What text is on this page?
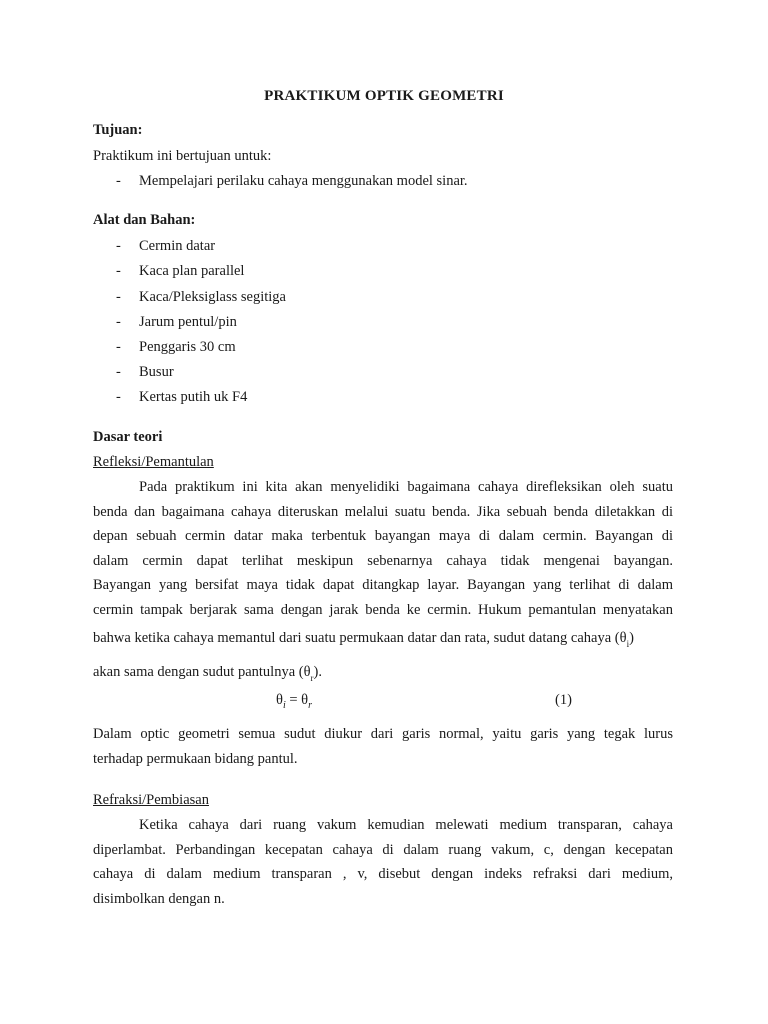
PRAKTIKUM OPTIK GEOMETRI
Tujuan:
Praktikum ini bertujuan untuk:
- Mempelajari perilaku cahaya menggunakan model sinar.
Alat dan Bahan:
- Cermin datar
- Kaca plan parallel
- Kaca/Pleksiglass segitiga
- Jarum pentul/pin
- Penggaris 30 cm
- Busur
- Kertas putih uk F4
Dasar teori
Refleksi/Pemantulan
Pada praktikum ini kita akan menyelidiki bagaimana cahaya direfleksikan oleh suatu
benda dan bagaimana cahaya diteruskan melalui suatu benda. Jika sebuah benda diletakkan di
depan sebuah cermin datar maka terbentuk bayangan maya di dalam cermin. Bayangan di
dalam cermin dapat terlihat meskipun sebenarnya cahaya tidak mengenai bayangan.
Bayangan yang bersifat maya tidak dapat ditangkap layar. Bayangan yang terlihat di dalam
cermin tampak berjarak sama dengan jarak benda ke cermin. Hukum pemantulan menyatakan
bahwa ketika cahaya memantul dari suatu permukaan datar dan rata, sudut datang cahaya $(\theta_i)$
akan sama dengan sudut pantulnya $(\theta_r)$.
$\theta_i = \theta_r$	(1)
Dalam optic geometri semua sudut diukur dari garis normal, yaitu garis yang tegak lurus
terhadap permukaan bidang pantul.
Refraksi/Pembiasan
Ketika cahaya dari ruang vakum kemudian melewati medium transparan, cahaya
diperlambat. Perbandingan kecepatan cahaya di dalam ruang vakum, c, dengan kecepatan
cahaya di dalam medium transparan , v, disebut dengan indeks refraksi dari medium,
disimbolkan dengan n.
